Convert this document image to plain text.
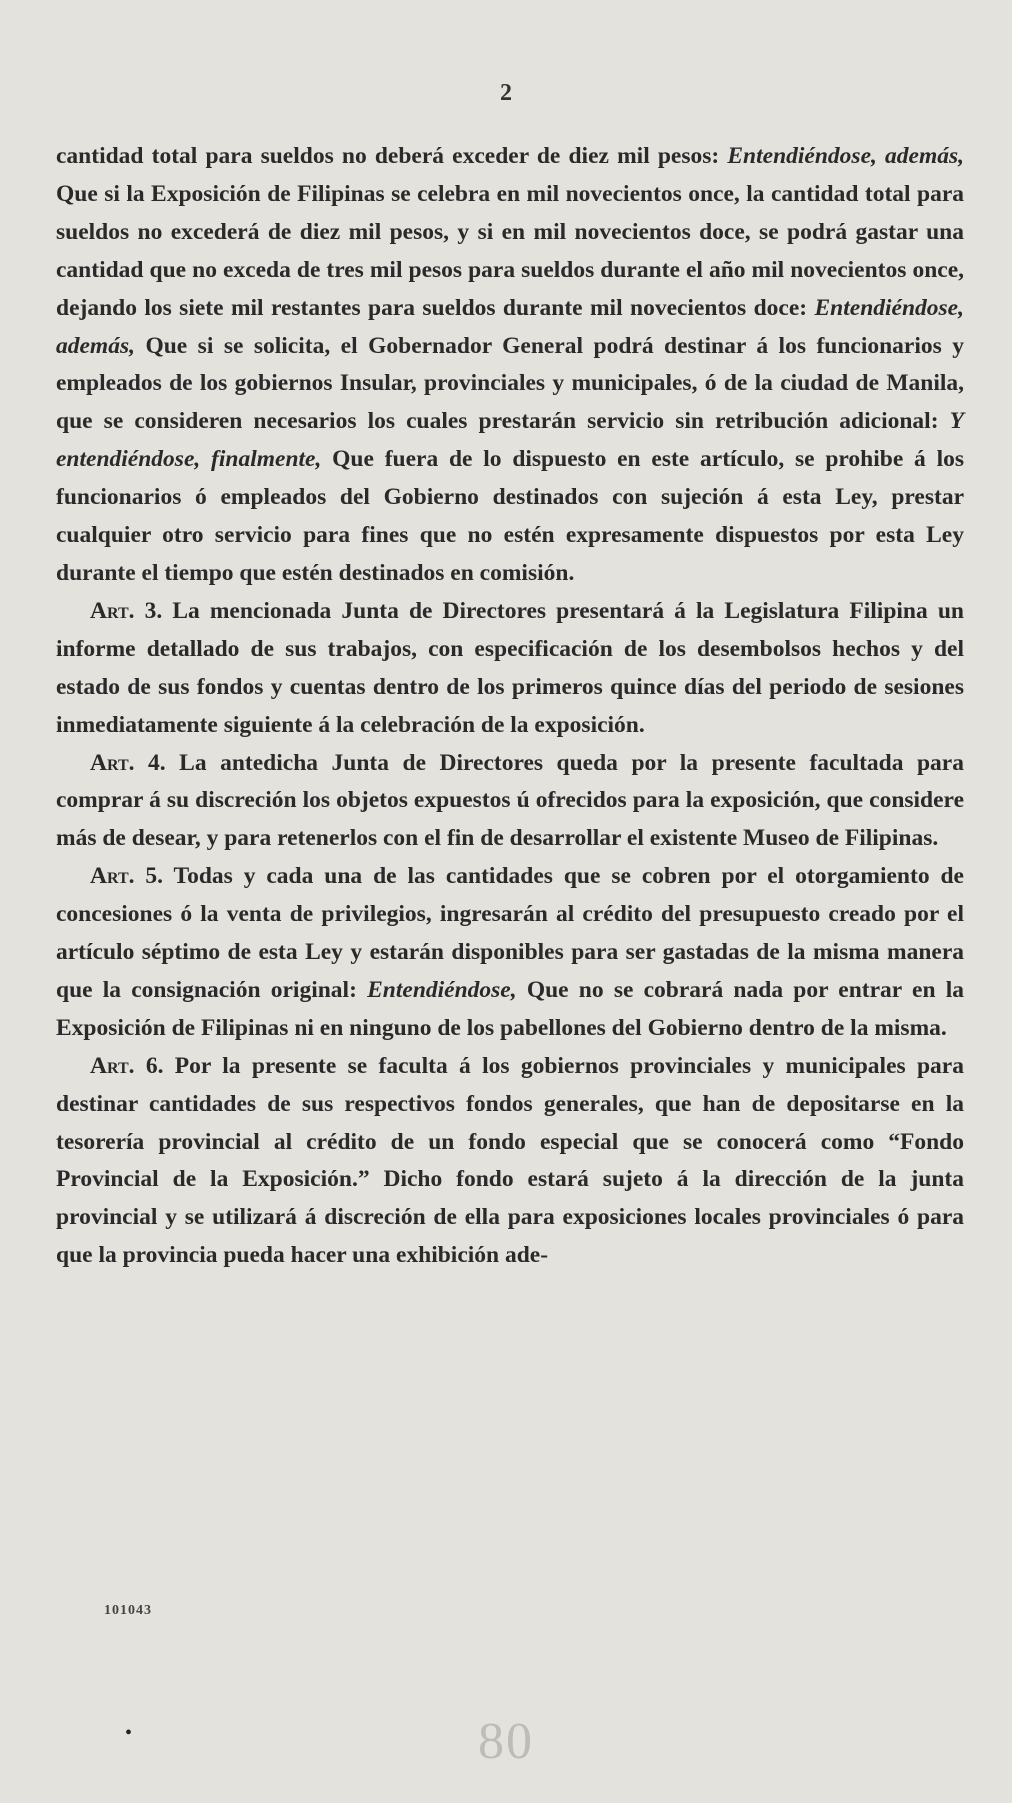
2

cantidad total para sueldos no deberá exceder de diez mil pesos: Entendiéndose, además, Que si la Exposición de Filipinas se celebra en mil novecientos once, la cantidad total para sueldos no excederá de diez mil pesos, y si en mil novecientos doce, se podrá gastar una cantidad que no exceda de tres mil pesos para sueldos durante el año mil novecientos once, dejando los siete mil restantes para sueldos durante mil novecientos doce: Entendiéndose, además, Que si se solicita, el Gobernador General podrá destinar á los funcionarios y empleados de los gobiernos Insular, provinciales y municipales, ó de la ciudad de Manila, que se consideren necesarios los cuales prestarán servicio sin retribución adicional: Y entendiéndose, finalmente, Que fuera de lo dispuesto en este artículo, se prohibe á los funcionarios ó empleados del Gobierno destinados con sujeción á esta Ley, prestar cualquier otro servicio para fines que no estén expresamente dispuestos por esta Ley durante el tiempo que estén destinados en comisión.

Art. 3. La mencionada Junta de Directores presentará á la Legislatura Filipina un informe detallado de sus trabajos, con especificación de los desembolsos hechos y del estado de sus fondos y cuentas dentro de los primeros quince días del periodo de sesiones inmediatamente siguiente á la celebración de la exposición.

Art. 4. La antedicha Junta de Directores queda por la presente facultada para comprar á su discreción los objetos expuestos ú ofrecidos para la exposición, que considere más de desear, y para retenerlos con el fin de desarrollar el existente Museo de Filipinas.

Art. 5. Todas y cada una de las cantidades que se cobren por el otorgamiento de concesiones ó la venta de privilegios, ingresarán al crédito del presupuesto creado por el artículo séptimo de esta Ley y estarán disponibles para ser gastadas de la misma manera que la consignación original: Entendiéndose, Que no se cobrará nada por entrar en la Exposición de Filipinas ni en ninguno de los pabellones del Gobierno dentro de la misma.

Art. 6. Por la presente se faculta á los gobiernos provinciales y municipales para destinar cantidades de sus respectivos fondos generales, que han de depositarse en la tesorería provincial al crédito de un fondo especial que se conocerá como “Fondo Provincial de la Exposición.” Dicho fondo estará sujeto á la dirección de la junta provincial y se utilizará á discreción de ella para exposiciones locales provinciales ó para que la provincia pueda hacer una exhibición ade-

101043
•	80
